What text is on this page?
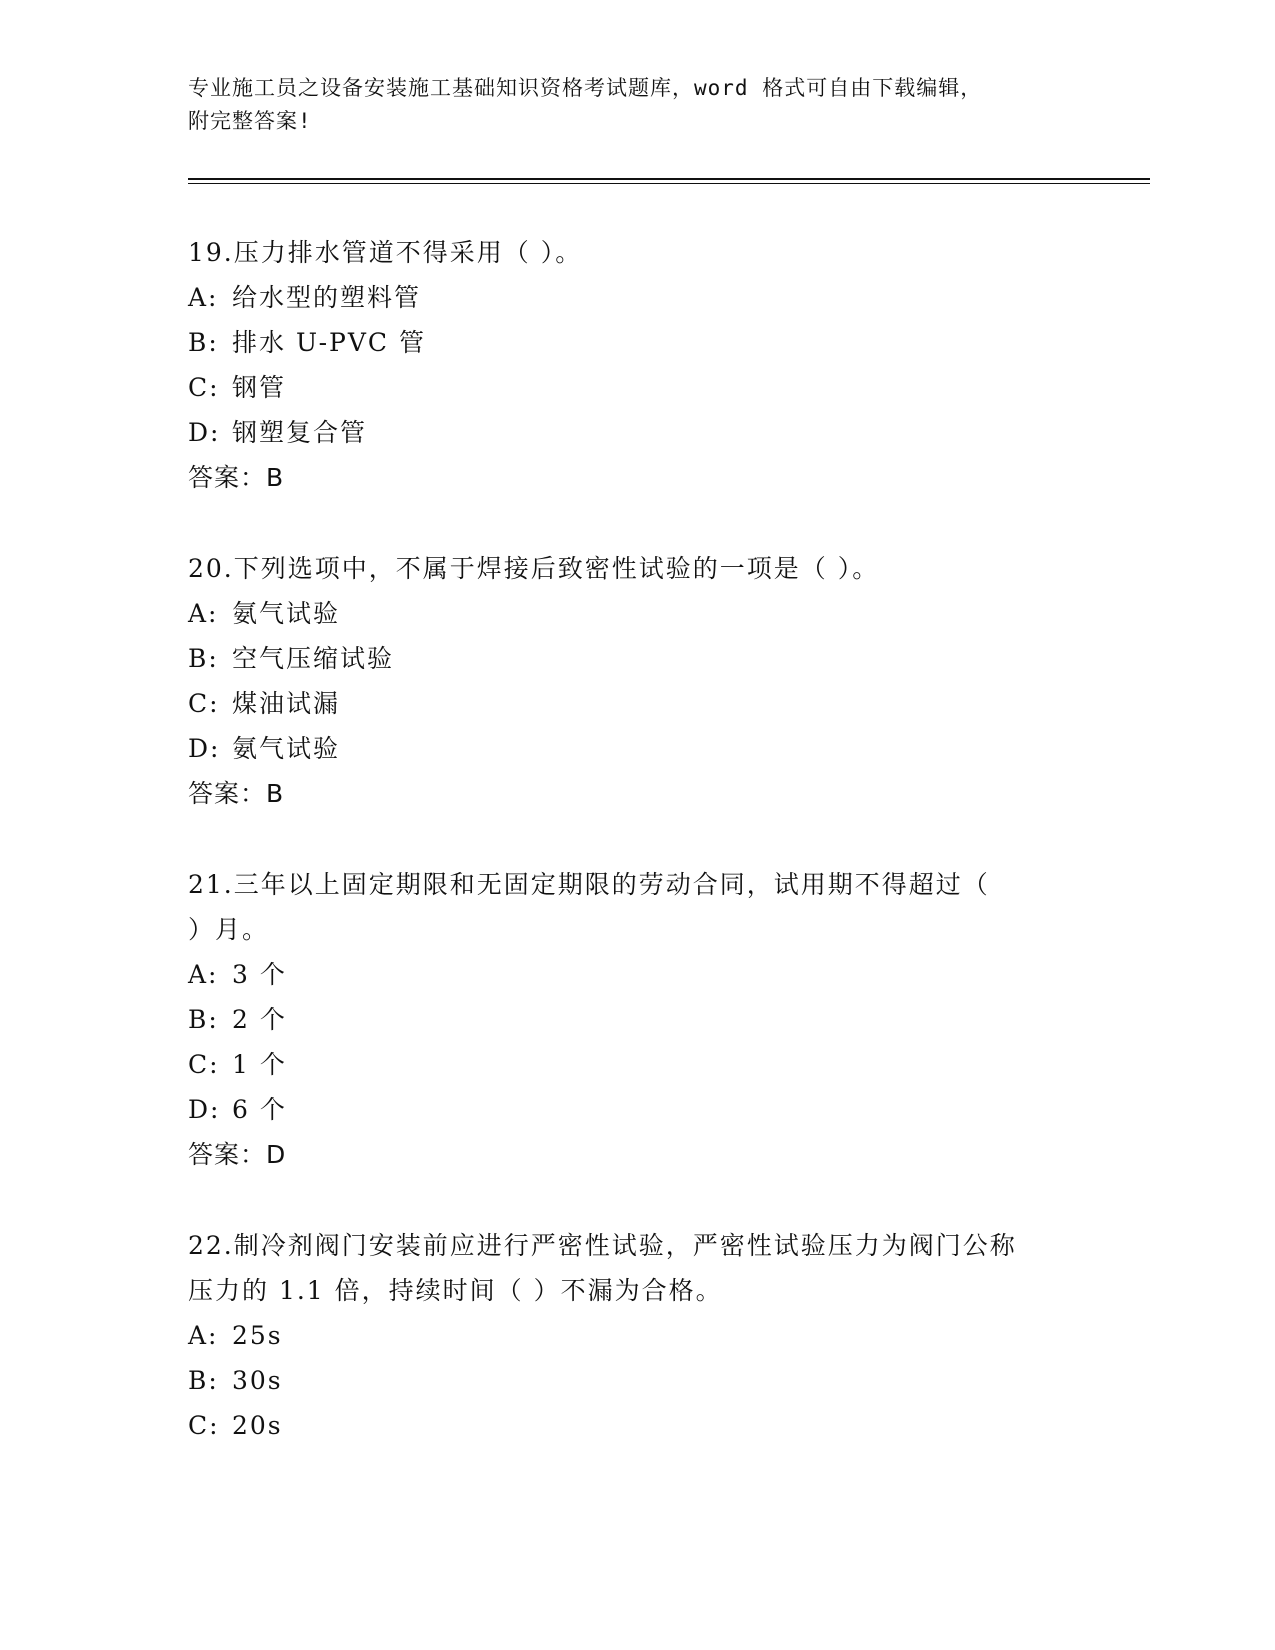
专业施工员之设备安装施工基础知识资格考试题库，word 格式可自由下载编辑，
附完整答案!
19.压力排水管道不得采用（ ）。
A: 给水型的塑料管
B: 排水 U-PVC 管
C: 钢管
D: 钢塑复合管
答案：B
20.下列选项中，不属于焊接后致密性试验的一项是（ ）。
A: 氨气试验
B: 空气压缩试验
C: 煤油试漏
D: 氨气试验
答案：B
21.三年以上固定期限和无固定期限的劳动合同，试用期不得超过（
）月。
A: 3 个
B: 2 个
C: 1 个
D: 6 个
答案：D
22.制冷剂阀门安装前应进行严密性试验，严密性试验压力为阀门公称
压力的 1.1 倍，持续时间（ ）不漏为合格。
A: 25s
B: 30s
C: 20s
